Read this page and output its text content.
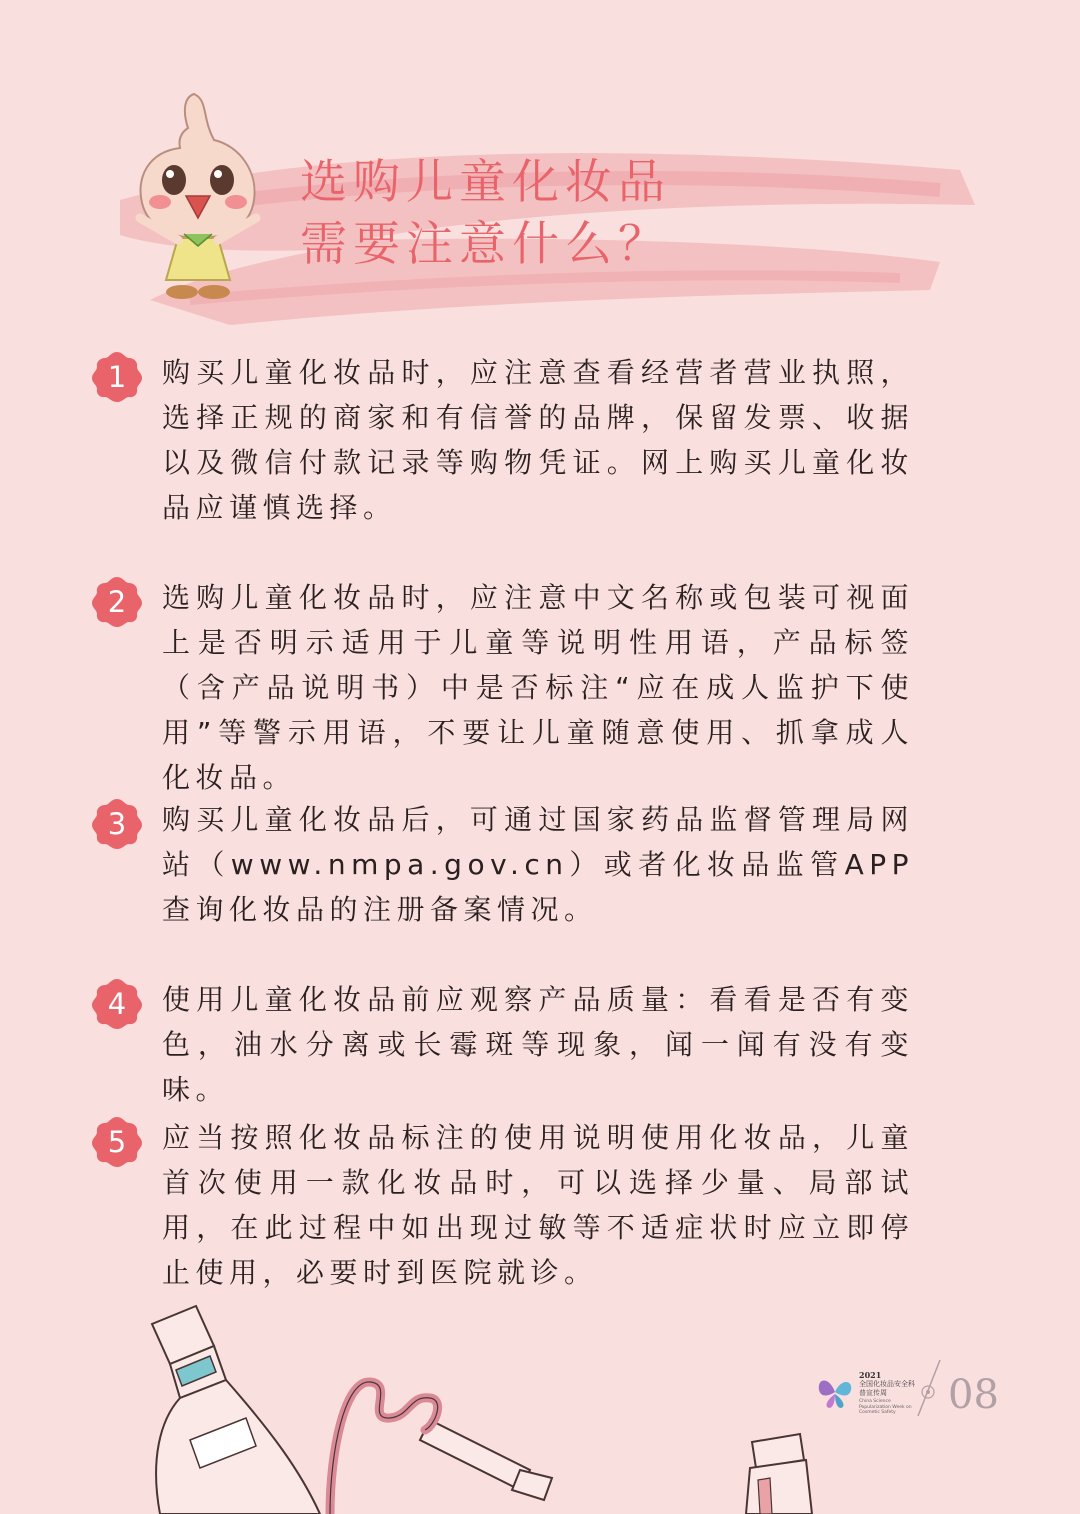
选购儿童化妆品
需要注意什么？
1	购买儿童化妆品时，应注意查看经营者营业执照，选择正规的商家和有信誉的品牌，保留发票、收据以及微信付款记录等购物凭证。网上购买儿童化妆品应谨慎选择。

2	选购儿童化妆品时，应注意中文名称或包装可视面上是否明示适用于儿童等说明性用语，产品标签（含产品说明书）中是否标注“应在成人监护下使用”等警示用语，不要让儿童随意使用、抓拿成人化妆品。

3	购买儿童化妆品后，可通过国家药品监督管理局网站（www.nmpa.gov.cn）或者化妆品监管APP查询化妆品的注册备案情况。

4	使用儿童化妆品前应观察产品质量：看看是否有变色，油水分离或长霉斑等现象，闻一闻有没有变味。

5	应当按照化妆品标注的使用说明使用化妆品，儿童首次使用一款化妆品时，可以选择少量、局部试用，在此过程中如出现过敏等不适症状时应立即停止使用，必要时到医院就诊。

2021
全国化妆品安全科普宣传周
China Science Popularization Week on Cosmetic Safety	08
